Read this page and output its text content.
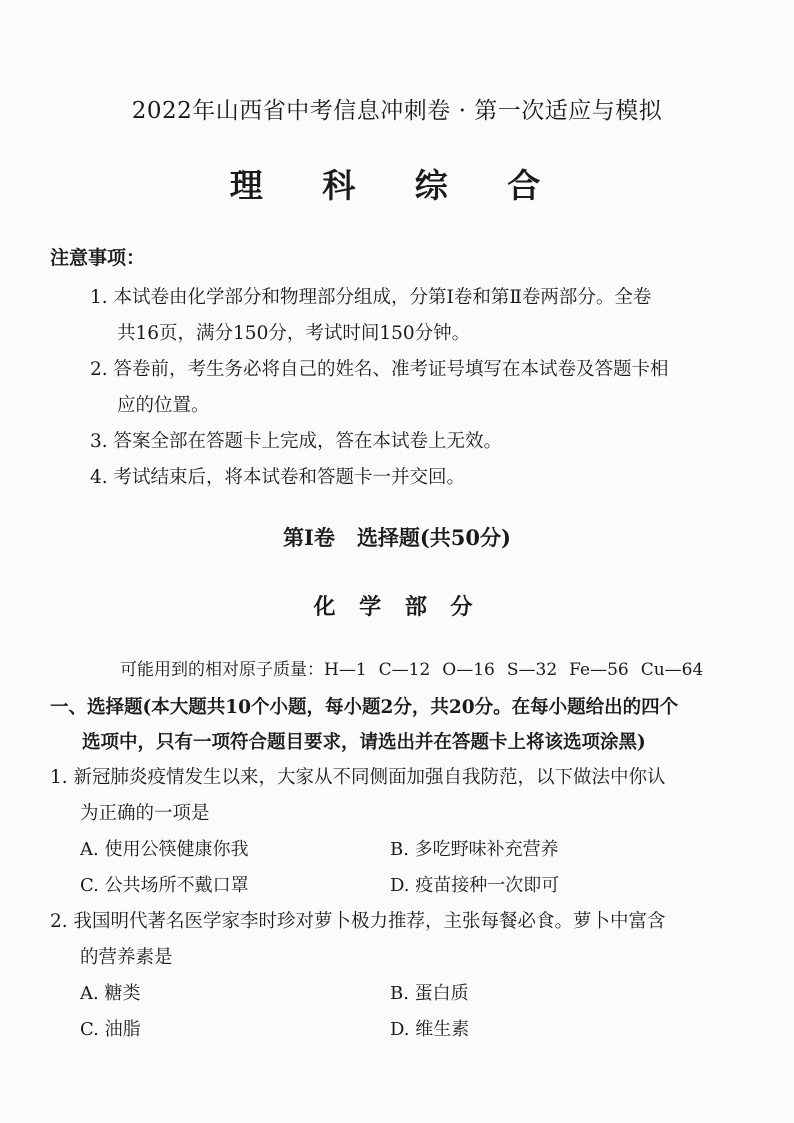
2022年山西省中考信息冲刺卷 · 第一次适应与模拟
理 科 综 合
注意事项：
1. 本试卷由化学部分和物理部分组成，分第Ⅰ卷和第Ⅱ卷两部分。全卷
共16页，满分150分，考试时间150分钟。
2. 答卷前，考生务必将自己的姓名、准考证号填写在本试卷及答题卡相
应的位置。
3. 答案全部在答题卡上完成，答在本试卷上无效。
4. 考试结束后，将本试卷和答题卡一并交回。
第Ⅰ卷 选择题(共50分)
化 学 部 分
可能用到的相对原子质量：H—1 C—12 O—16 S—32 Fe—56 Cu—64
一、选择题(本大题共10个小题，每小题2分，共20分。在每小题给出的四个
选项中，只有一项符合题目要求，请选出并在答题卡上将该选项涂黑)
1. 新冠肺炎疫情发生以来，大家从不同侧面加强自我防范，以下做法中你认
为正确的一项是
A. 使用公筷健康你我	B. 多吃野味补充营养
C. 公共场所不戴口罩	D. 疫苗接种一次即可
2. 我国明代著名医学家李时珍对萝卜极力推荐，主张每餐必食。萝卜中富含
的营养素是
A. 糖类	B. 蛋白质
C. 油脂	D. 维生素
